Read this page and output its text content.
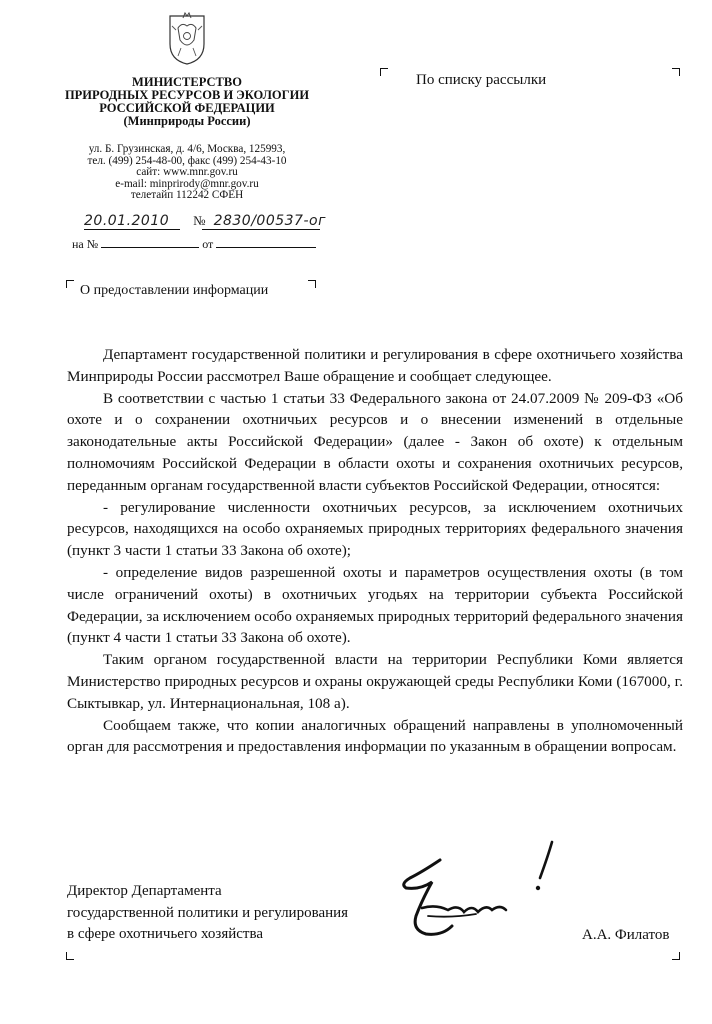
МИНИСТЕРСТВО
ПРИРОДНЫХ РЕСУРСОВ И ЭКОЛОГИИ
РОССИЙСКОЙ ФЕДЕРАЦИИ
(Минприроды России)
ул. Б. Грузинская, д. 4/6, Москва, 125993,
тел. (499) 254-48-00, факс (499) 254-43-10
сайт: www.mnr.gov.ru
e-mail: minprirody@mnr.gov.ru
телетайп 112242 СФЕН
20.01.2010 № 2830/00537-ог
на №	от
По списку рассылки
О предоставлении информации

Департамент государственной политики и регулирования в сфере охотничьего хозяйства Минприроды России рассмотрел Ваше обращение и сообщает следующее.

В соответствии с частью 1 статьи 33 Федерального закона от 24.07.2009 № 209-ФЗ «Об охоте и о сохранении охотничьих ресурсов и о внесении изменений в отдельные законодательные акты Российской Федерации» (далее - Закон об охоте) к отдельным полномочиям Российской Федерации в области охоты и сохранения охотничьих ресурсов, переданным органам государственной власти субъектов Российской Федерации, относятся:

- регулирование численности охотничьих ресурсов, за исключением охотничьих ресурсов, находящихся на особо охраняемых природных территориях федерального значения (пункт 3 части 1 статьи 33 Закона об охоте);

- определение видов разрешенной охоты и параметров осуществления охоты (в том числе ограничений охоты) в охотничьих угодьях на территории субъекта Российской Федерации, за исключением особо охраняемых природных территорий федерального значения (пункт 4 части 1 статьи 33 Закона об охоте).

Таким органом государственной власти на территории Республики Коми является Министерство природных ресурсов и охраны окружающей среды Республики Коми (167000, г. Сыктывкар, ул. Интернациональная, 108 а).

Сообщаем также, что копии аналогичных обращений направлены в уполномоченный орган для рассмотрения и предоставления информации по указанным в обращении вопросам.

Директор Департамента
государственной политики и регулирования
в сфере охотничьего хозяйства	А.А. Филатов
